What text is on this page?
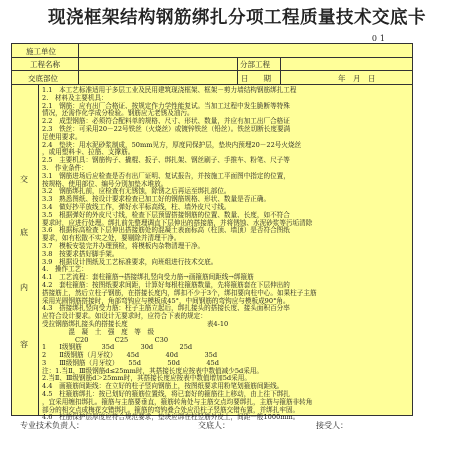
现浇框架结构钢筋绑扎分项工程质量技术交底卡
01
施工单位
工程名称	分部工程
交底部位	日　　期	年　月　日
交
底
内
容
1.1　本工艺标准适用于多层工业及民用建筑现浇框架、框架－剪力墙结构钢筋绑扎工程
2.　材料及主要机具：
2.1　钢筋：应有出厂合格证、按规定作力学性能复试。当加工过程中发生脆断等特殊
情况，还需作化学成分检验。钢筋应无老锈及油污。
2.2　成型钢筋：必须符合配料单的规格、尺寸、形状、数量，并应有加工出厂合格证
2.3　铁丝：可采用20－22号铁丝（火烧丝）或镀锌铁丝（铅丝）。铁丝切断长度要满
足使用要求。
2.4　垫块：用水泥砂浆制成，50mm见方，厚度同保护层，垫块内预埋20－22号火烧丝
，或用塑料卡、拉筋、支撑筋。
2.5　主要机具：钢筋钩子、撬棍、扳子、绑扎架、钢丝刷子、手推车、粉笔、尺子等
3.　作业条件：
3.1　钢筋进场后应检查是否有出厂证明、复试报告，并按施工平面图中指定的位置，
按规格、使用部位、编号分别加垫木堆放。
3.2　钢筋绑扎前，应检查有无锈蚀，除锈之后再运至绑扎部位。
3.3　熟悉图纸、按设计要求检查已加工好的钢筋规格、形状、数量是否正确。
3.4　做好抄平放线工作，弹好水平标高线，柱、墙外皮尺寸线。
3.5　根据弹好的外皮尺寸线，检查下层预留搭接钢筋的位置、数量、长度，如不符合
要求时，应进行处理。绑扎前先整理调直下层伸出的搭接筋，并将锈蚀、水泥砂浆等污垢清除
3.6　根据标高检查下层伸出搭接筋处的混凝土表面标高（柱顶、墙顶）是否符合图纸
要求，如有松散不实之处，要剔除并清理干净。
3.7　模板安装完并办理预检，将模板内杂物清理干净。
3.8　按要求搭好脚手架。
3.9　根据设计图纸及工艺标准要求，向班组进行技术交底。
4.　操作工艺：
4.1　工艺流程：套柱箍筋→搭接绑扎竖向受力筋→画箍筋间距线→绑箍筋
4.2　套柱箍筋：按图纸要求间距，计算好每根柱箍筋数量，先将箍筋套在下层伸出的
搭接筋上，然后立柱子钢筋，在搭接长度内，绑扣不少于3个，绑扣要向柱中心。如果柱子主筋
采用光圆钢筋搭接时，角部弯钩应与模板成45°，中间钢筋的弯钩应与模板成90°角。
4.3　搭接绑扎竖向受力筋：柱子主筋立起后，绑扎接头的搭接长度、接头面积百分率
应符合设计要求。如设计无要求时，应符合下表的规定：
受拉钢筋绑扎接头的搭接长度　　　　　　　　　　　　表4-10
　　　　混　凝　土　强　度　等　级
　　　　　C20　　　　C25　　　　C30
1　　Ⅰ级钢筋　　　35d　　　　30d　　　　25d
2　　Ⅱ级钢筋（月牙纹）　　45d　　　　40d　　　　35d
3　　Ⅲ级钢筋（月牙纹）　　55d　　　　50d　　　　45d
注：1.当Ⅱ、Ⅲ级钢筋d≤25mm时，其搭接长度应按表中数值减少5d采用。
2.当Ⅱ、Ⅲ级钢筋d＞25mm时，其搭接长度应按表中数值增加5d采用。
4.4　画箍筋间距线：在立好的柱子竖向钢筋上，按图纸要求用粉笔划箍筋间距线。
4.5　柱箍筋绑扎：按已划好的箍筋位置线，将已套好的箍筋往上移动，由上往下绑扎
，宜采用缠扣绑扎。箍筋与主筋要垂直，箍筋转角处与主筋交点均要绑扎，主筋与箍筋非转角
部分的相交点成梅花交错绑扎。箍筋的弯钩叠合处应沿柱子竖筋交错布置，并绑扎牢固。
4.6　柱筋保护层厚度应符合规范要求，垫块应绑在柱竖筋外皮上，间距一般1000mm。
专业技术负责人：	交底人：	接受人：
